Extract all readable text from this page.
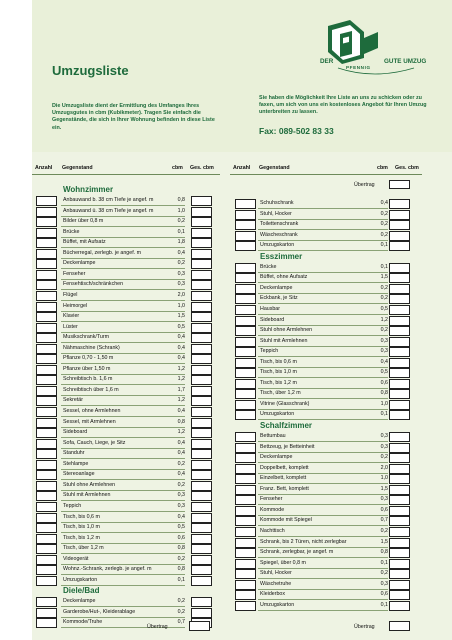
Umzugsliste
Die Umzugsliste dient der Ermittlung des Umfanges Ihres Umzugsgutes in cbm (Kubikmeter). Tragen Sie einfach die Gegenstände, die sich in Ihrer Wohnung befinden in diese Liste ein.
Sie haben die Möglichkeit Ihre Liste an uns zu schicken oder zu faxen, um sich von uns ein kostenloses Angebot für Ihren Umzug unterbreiten zu lassen.
Fax: 089-502 83 33
DER
PFENNIG
GUTE UMZUG
Anzahl Gegenstand	cbm Ges. cbm	Anzahl Gegenstand	cbm Ges. cbm
Übertrag
Wohnzimmer
Anbauwand b. 38 cm Tiefe je angef. m	0,8
Anbauwand ü. 38 cm Tiefe je angef. m	1,0
Bilder über 0,8 m	0,2
Brücke	0,1
Büffet, mit Aufsatz	1,8
Bücherregal, zerlegb. je angef. m	0,4
Deckenlampe	0,2
Fenseher	0,3
Fensehtisch/schränkchen	0,3
Flügel	2,0
Heimorgel	1,0
Klavier	1,5
Lüster	0,5
Musikschrank/Turm	0,4
Nähmaschine (Schrank)	0,4
Pflanze 0,70 - 1,50 m	0,4
Pflanze über 1,50 m	1,2
Schreibtisch b. 1,6 m	1,2
Schreibtisch über 1,6 m	1,7
Sekretär	1,2
Sessel, ohne Armlehnen	0,4
Sessel, mit Armlehnen	0,8
Sideboard	1,2
Sofa, Cauch, Liege, je Sitz	0,4
Standuhr	0,4
Stehlampe	0,2
Stereoanlage	0,4
Stuhl ohne Armlehnen	0,2
Stuhl mit Armlehnen	0,3
Teppich	0,3
Tisch, bis 0,6 m	0,4
Tisch, bis 1,0 m	0,5
Tisch, bis 1,2 m	0,6
Tisch, über 1,2 m	0,8
Videogerät	0,2
Wohnz.-Schrank, zerlegb. je angef. m	0,8
Umzugskarton	0,1
Diele/Bad
Deckenlampe	0,2
Garderobe/Hut-, Kleiderablage	0,2
Kommode/Truhe	0,7
Schuhschrank	0,4
Stuhl, Hocker	0,2
Toilettenschrank	0,2
Wäscheschrank	0,2
Umzugskarton	0,1
Esszimmer
Brücke	0,1
Büffet, ohne Aufsatz	1,5
Deckenlampe	0,2
Eckbank, je Sitz	0,2
Hausbar	0,5
Sideboard	1,2
Stuhl ohne Armlehnen	0,2
Stuhl mit Armlehnen	0,3
Teppich	0,3
Tisch, bis 0,6 m	0,4
Tisch, bis 1,0 m	0,5
Tisch, bis 1,2 m	0,6
Tisch, über 1,2 m	0,8
Vitrine (Glasschrank)	1,0
Umzugskarton	0,1
Schalfzimmer
Bettumbau	0,3
Bettzeug, je Betteinheit	0,3
Deckenlampe	0,2
Doppelbett, komplett	2,0
Einzelbett, komplett	1,0
Franz. Bett, komplett	1,5
Fenseher	0,3
Kommode	0,6
Kommode mit Spiegel	0,7
Nachttisch	0,2
Schrank, bis 2 Türen, nicht zerlegbar	1,5
Schrank, zerlegbar, je angef. m	0,8
Spiegel, über 0,8 m	0,1
Stuhl, Hocker	0,2
Wäschetruhe	0,3
Kleiderbox	0,6
Umzugskarton	0,1
Übertrag	Übertrag
